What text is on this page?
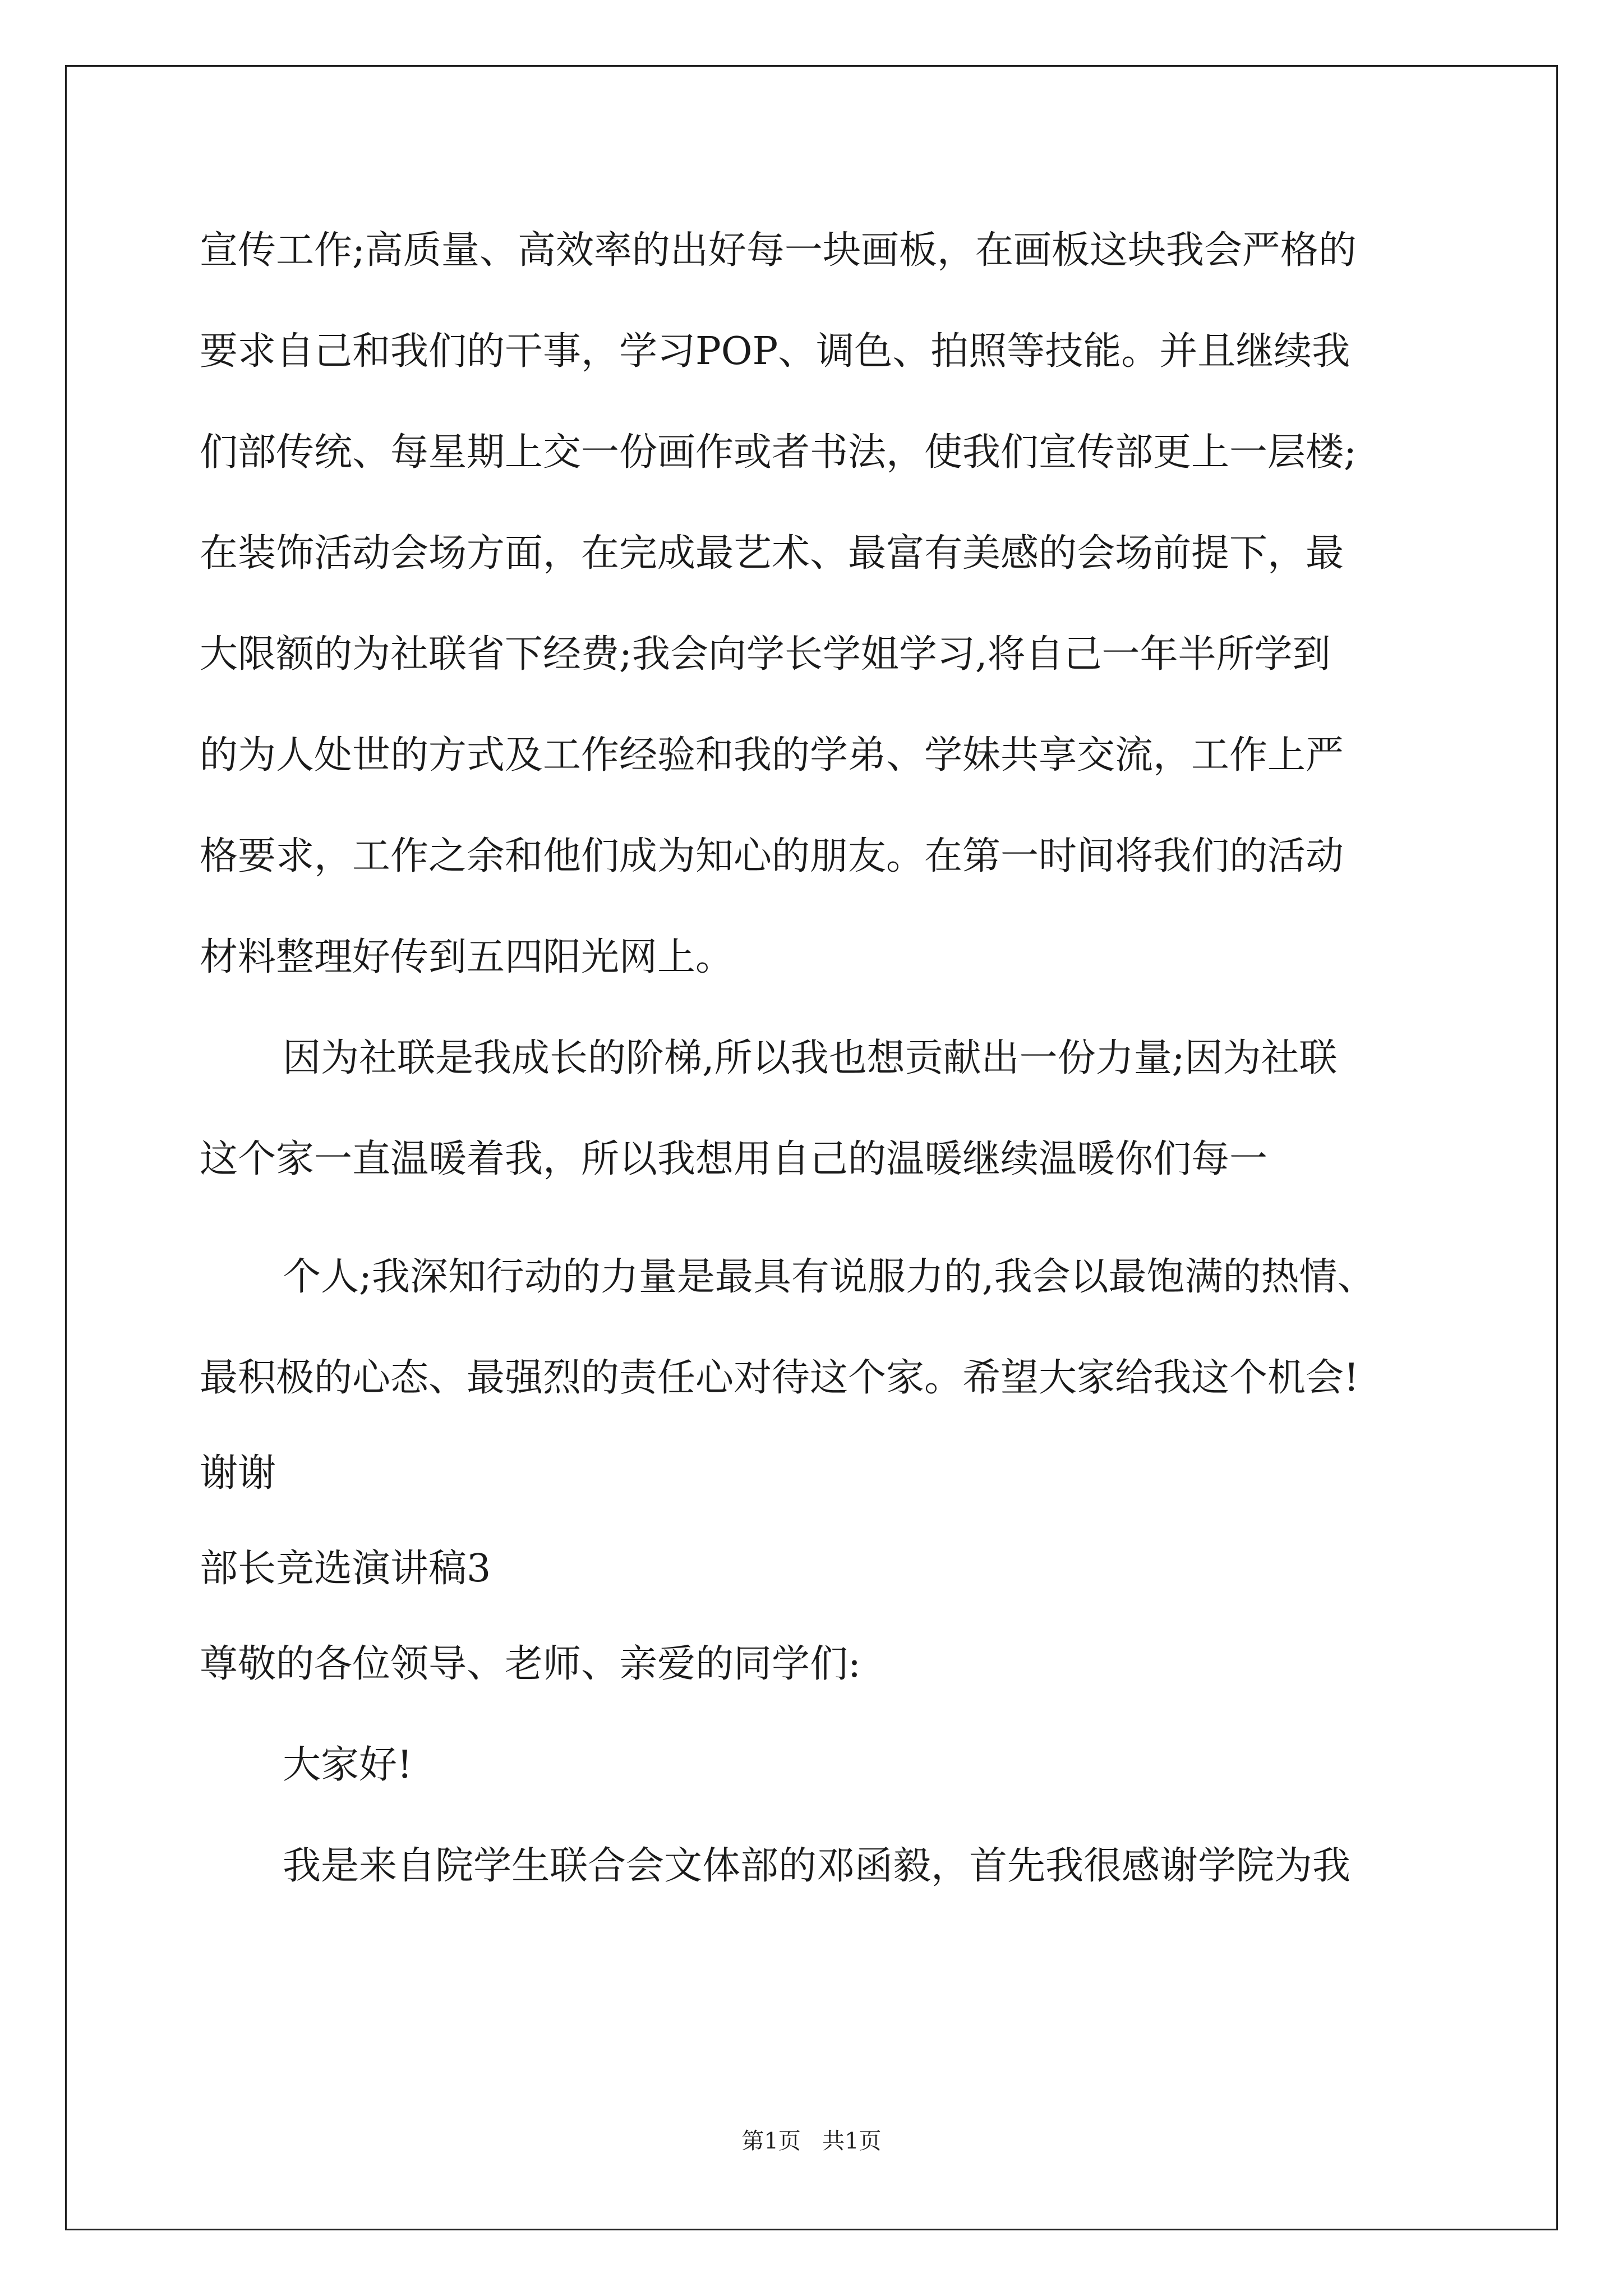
宣传工作;高质量、高效率的出好每一块画板，在画板这块我会严格的
要求自己和我们的干事，学习POP、调色、拍照等技能。并且继续我
们部传统、每星期上交一份画作或者书法，使我们宣传部更上一层楼;
在装饰活动会场方面，在完成最艺术、最富有美感的会场前提下，最
大限额的为社联省下经费;我会向学长学姐学习,将自己一年半所学到
的为人处世的方式及工作经验和我的学弟、学妹共享交流，工作上严
格要求，工作之余和他们成为知心的朋友。在第一时间将我们的活动
材料整理好传到五四阳光网上。
因为社联是我成长的阶梯,所以我也想贡献出一份力量;因为社联
这个家一直温暖着我，所以我想用自己的温暖继续温暖你们每一
个人;我深知行动的力量是最具有说服力的,我会以最饱满的热情、
最积极的心态、最强烈的责任心对待这个家。希望大家给我这个机会!
谢谢
部长竞选演讲稿3
尊敬的各位领导、老师、亲爱的同学们:
大家好!
我是来自院学生联合会文体部的邓函毅，首先我很感谢学院为我
第1页 共1页
